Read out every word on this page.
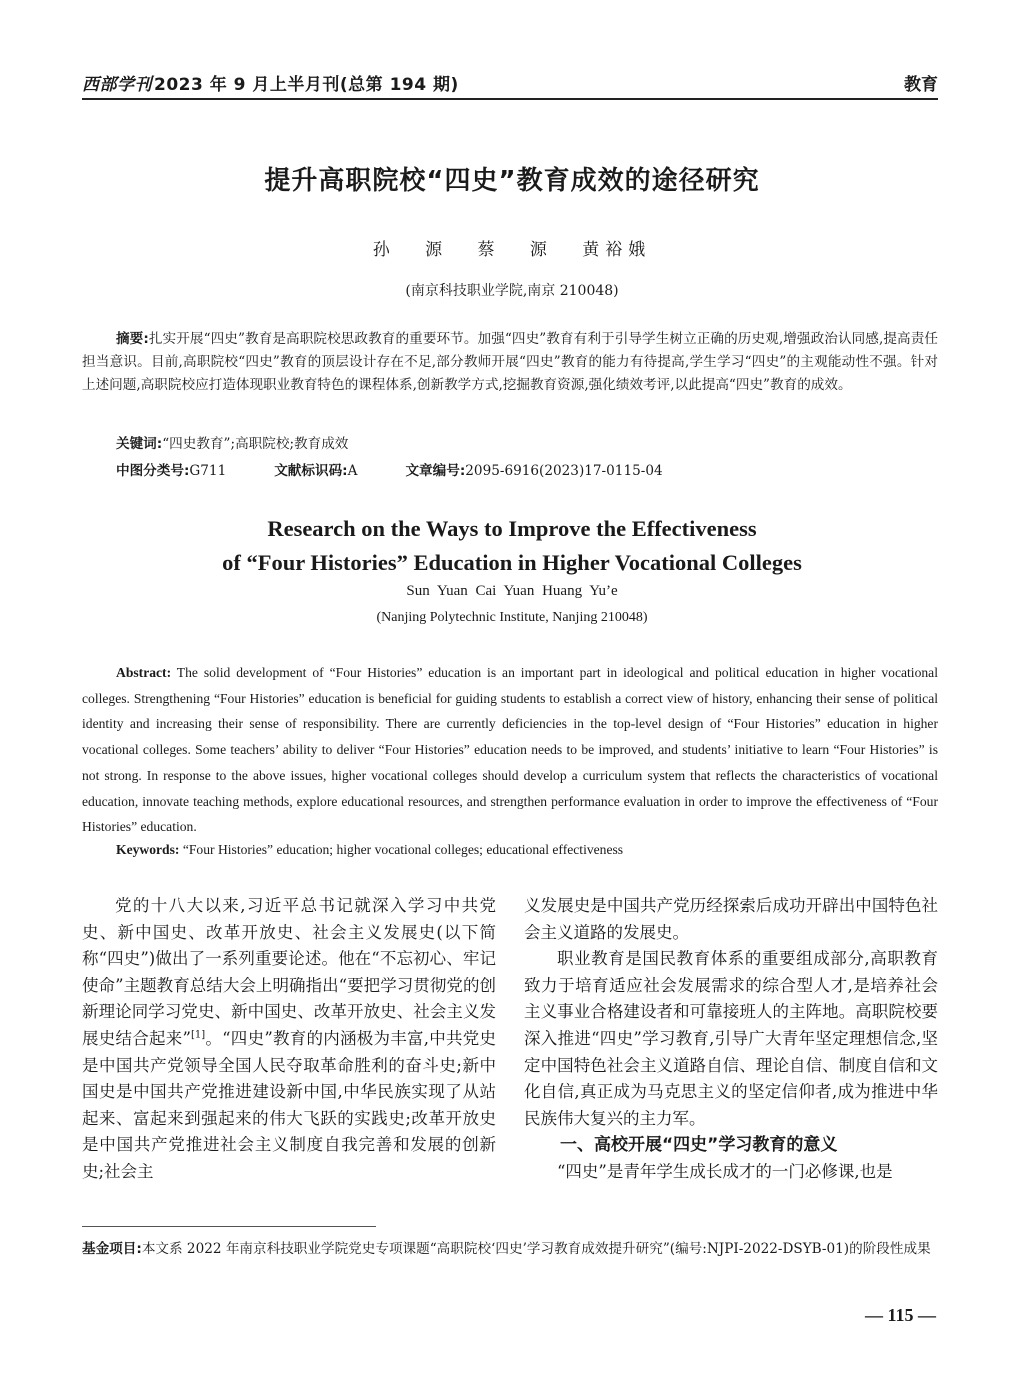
西部学刊 2023 年 9 月上半月刊(总第 194 期)	教育
提升高职院校“四史”教育成效的途径研究
孙 源 蔡 源 黄裕娥
(南京科技职业学院,南京 210048)

摘要:扎实开展“四史”教育是高职院校思政教育的重要环节。加强“四史”教育有利于引导学生树立正确的历史观,增强政治认同感,提高责任担当意识。目前,高职院校“四史”教育的顶层设计存在不足,部分教师开展“四史”教育的能力有待提高,学生学习“四史”的主观能动性不强。针对上述问题,高职院校应打造体现职业教育特色的课程体系,创新教学方式,挖掘教育资源,强化绩效考评,以此提高“四史”教育的成效。

关键词:“四史教育”;高职院校;教育成效
中图分类号:G711	文献标识码:A	文章编号:2095-6916(2023)17-0115-04
Research on the Ways to Improve the Effectiveness
of “Four Histories” Education in Higher Vocational Colleges
Sun Yuan Cai Yuan Huang Yu’e
(Nanjing Polytechnic Institute, Nanjing 210048)

Abstract: The solid development of “Four Histories” education is an important part in ideological and political education in higher vocational colleges. Strengthening “Four Histories” education is beneficial for guiding students to establish a correct view of history, enhancing their sense of political identity and increasing their sense of responsibility. There are currently deficiencies in the top-level design of “Four Histories” education in higher vocational colleges. Some teachers’ ability to deliver “Four Histories” education needs to be improved, and students’ initiative to learn “Four Histories” is not strong. In response to the above issues, higher vocational colleges should develop a curriculum system that reflects the characteristics of vocational education, innovate teaching methods, explore educational resources, and strengthen performance evaluation in order to improve the effectiveness of “Four Histories” education.

Keywords: “Four Histories” education; higher vocational colleges; educational effectiveness

党的十八大以来,习近平总书记就深入学习中共党史、新中国史、改革开放史、社会主义发展史(以下简称“四史”)做出了一系列重要论述。他在“不忘初心、牢记使命”主题教育总结大会上明确指出“要把学习贯彻党的创新理论同学习党史、新中国史、改革开放史、社会主义发展史结合起来”[1]。“四史”教育的内涵极为丰富,中共党史是中国共产党领导全国人民夺取革命胜利的奋斗史;新中国史是中国共产党推进建设新中国,中华民族实现了从站起来、富起来到强起来的伟大飞跃的实践史;改革开放史是中国共产党推进社会主义制度自我完善和发展的创新史;社会主

义发展史是中国共产党历经探索后成功开辟出中国特色社会主义道路的发展史。

职业教育是国民教育体系的重要组成部分,高职教育致力于培育适应社会发展需求的综合型人才,是培养社会主义事业合格建设者和可靠接班人的主阵地。高职院校要深入推进“四史”学习教育,引导广大青年坚定理想信念,坚定中国特色社会主义道路自信、理论自信、制度自信和文化自信,真正成为马克思主义的坚定信仰者,成为推进中华民族伟大复兴的主力军。

一、高校开展“四史”学习教育的意义

“四史”是青年学生成长成才的一门必修课,也是

基金项目:本文系 2022 年南京科技职业学院党史专项课题“高职院校‘四史’学习教育成效提升研究”(编号:NJPI-2022-DSYB-01)的阶段性成果

— 115 —
